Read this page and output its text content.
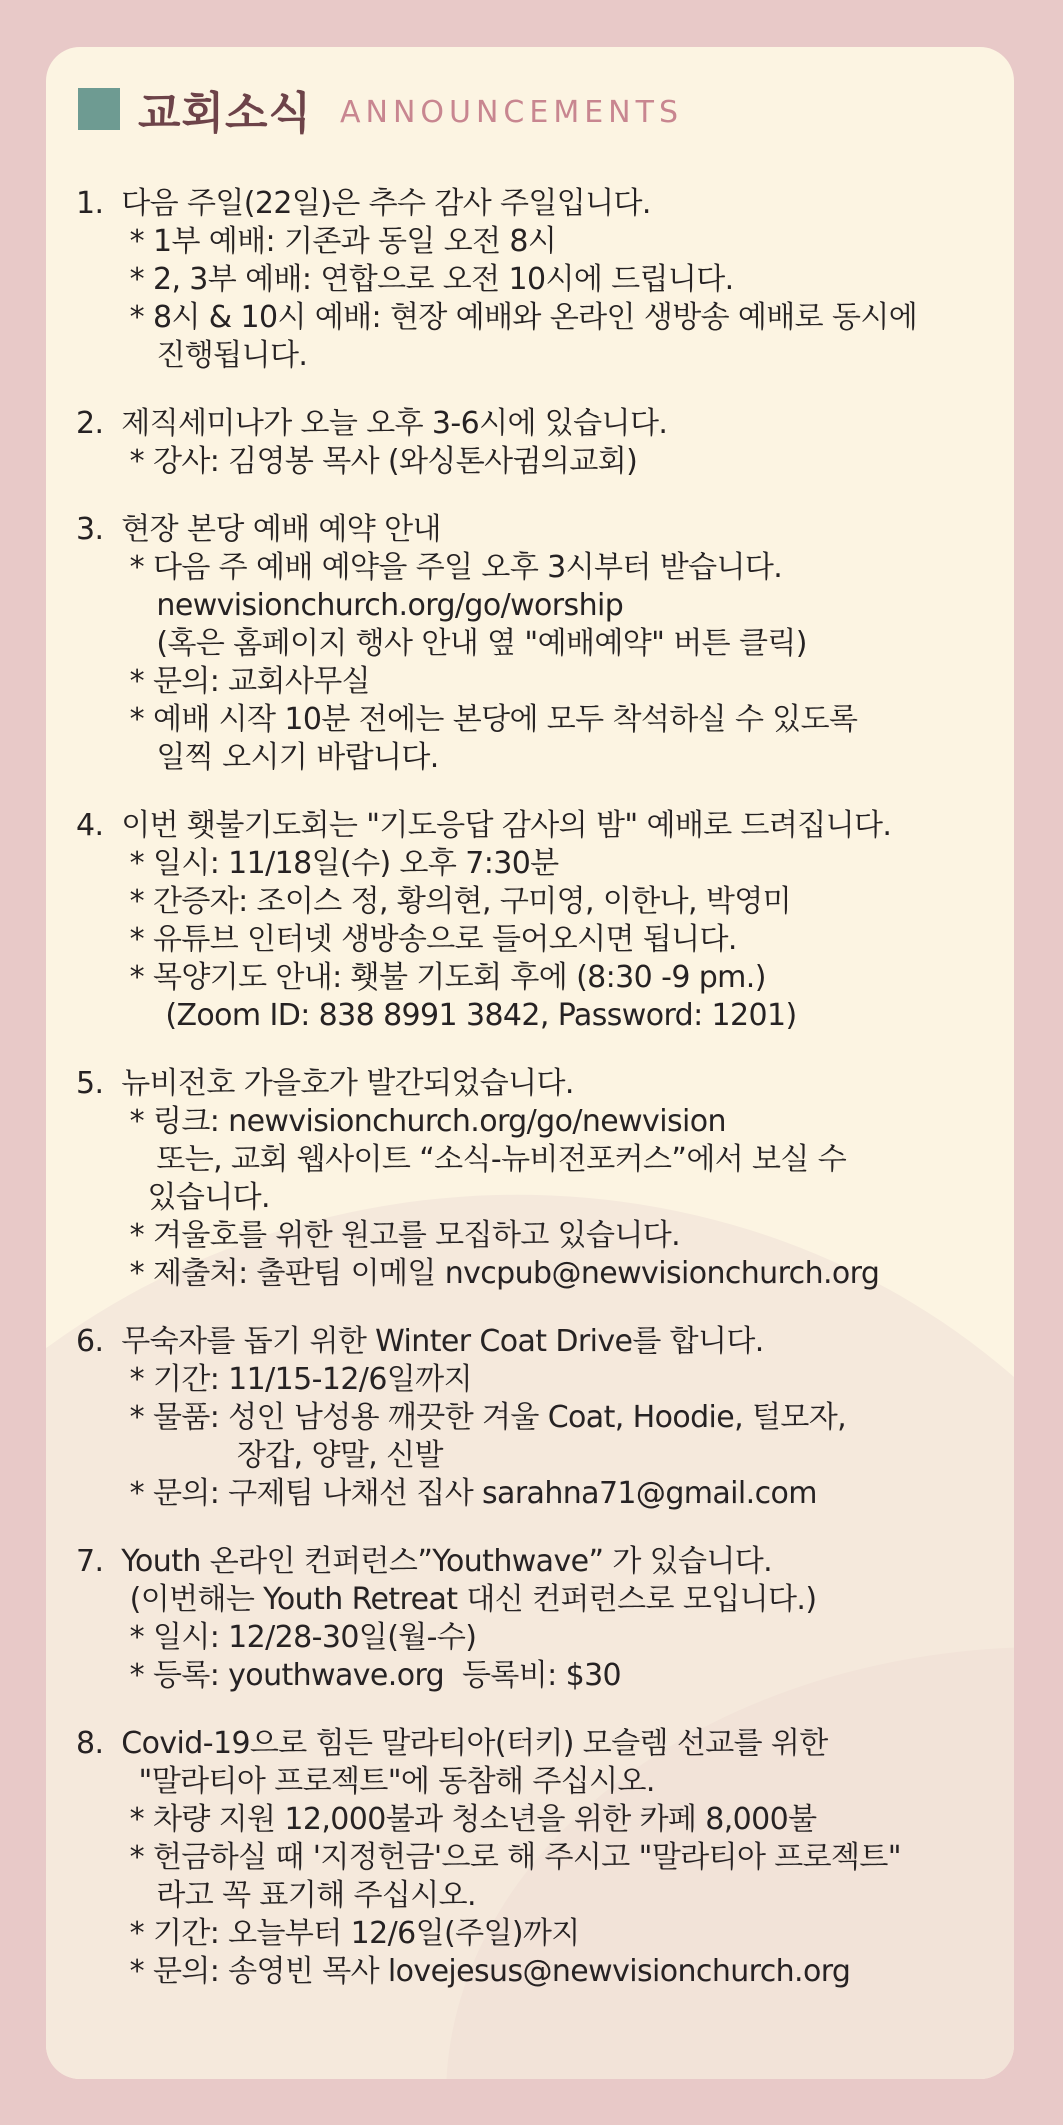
교회소식 ANNOUNCEMENTS
1.  다음 주일(22일)은 추수 감사 주일입니다.
* 1부 예배: 기존과 동일 오전 8시
* 2, 3부 예배: 연합으로 오전 10시에 드립니다.
* 8시 & 10시 예배: 현장 예배와 온라인 생방송 예배로 동시에
진행됩니다.
2.  제직세미나가 오늘 오후 3-6시에 있습니다.
* 강사: 김영봉 목사 (와싱톤사귐의교회)
3.  현장 본당 예배 예약 안내
* 다음 주 예배 예약을 주일 오후 3시부터 받습니다.
newvisionchurch.org/go/worship
(혹은 홈페이지 행사 안내 옆 "예배예약" 버튼 클릭)
* 문의: 교회사무실
* 예배 시작 10분 전에는 본당에 모두 착석하실 수 있도록
일찍 오시기 바랍니다.
4.  이번 횃불기도회는 "기도응답 감사의 밤" 예배로 드려집니다.
* 일시: 11/18일(수) 오후 7:30분
* 간증자: 조이스 정, 황의현, 구미영, 이한나, 박영미
* 유튜브 인터넷 생방송으로 들어오시면 됩니다.
* 목양기도 안내: 횃불 기도회 후에 (8:30 -9 pm.)
(Zoom ID: 838 8991 3842, Password: 1201)
5.  뉴비전호 가을호가 발간되었습니다.
* 링크: newvisionchurch.org/go/newvision
또는, 교회 웹사이트 “소식-뉴비전포커스”에서 보실 수
있습니다.
* 겨울호를 위한 원고를 모집하고 있습니다.
* 제출처: 출판팀 이메일 nvcpub@newvisionchurch.org
6.  무숙자를 돕기 위한 Winter Coat Drive를 합니다.
* 기간: 11/15-12/6일까지
* 물품: 성인 남성용 깨끗한 겨울 Coat, Hoodie, 털모자,
장갑, 양말, 신발
* 문의: 구제팀 나채선 집사 sarahna71@gmail.com
7.  Youth 온라인 컨퍼런스”Youthwave” 가 있습니다.
(이번해는 Youth Retreat 대신 컨퍼런스로 모입니다.)
* 일시: 12/28-30일(월-수)
* 등록: youthwave.org  등록비: $30
8.  Covid-19으로 힘든 말라티아(터키) 모슬렘 선교를 위한
"말라티아 프로젝트"에 동참해 주십시오.
* 차량 지원 12,000불과 청소년을 위한 카페 8,000불
* 헌금하실 때 '지정헌금'으로 해 주시고 "말라티아 프로젝트"
라고 꼭 표기해 주십시오.
* 기간: 오늘부터 12/6일(주일)까지
* 문의: 송영빈 목사 lovejesus@newvisionchurch.org
